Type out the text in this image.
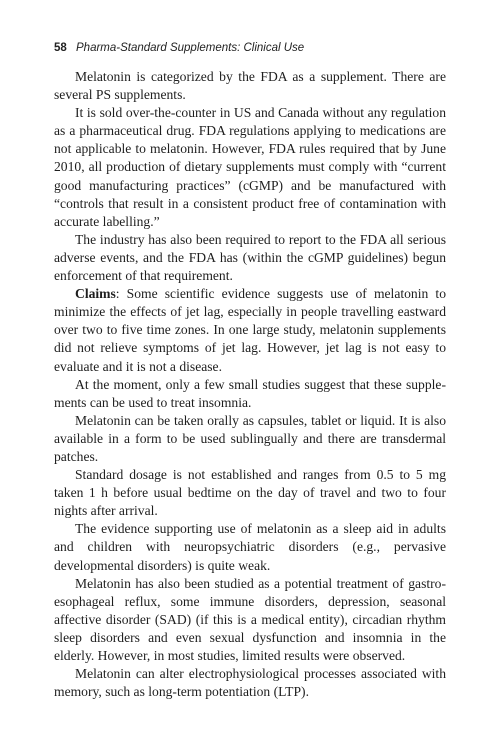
58 Pharma-Standard Supplements: Clinical Use

Melatonin is categorized by the FDA as a supplement. There are several PS supplements.

It is sold over-the-counter in US and Canada without any regulation as a pharmaceutical drug. FDA regulations applying to medications are not applicable to melatonin. However, FDA rules required that by June 2010, all production of dietary supplements must comply with “current good manufacturing practices” (cGMP) and be manufactured with “controls that result in a consistent product free of contamination with accurate labelling.”

The industry has also been required to report to the FDA all serious adverse events, and the FDA has (within the cGMP guidelines) begun enforcement of that requirement.

Claims: Some scientific evidence suggests use of melatonin to minimize the effects of jet lag, especially in people travelling eastward over two to five time zones. In one large study, melatonin supplements did not relieve symptoms of jet lag. However, jet lag is not easy to evaluate and it is not a disease.

At the moment, only a few small studies suggest that these supplements can be used to treat insomnia.

Melatonin can be taken orally as capsules, tablet or liquid. It is also available in a form to be used sublingually and there are transdermal patches.

Standard dosage is not established and ranges from 0.5 to 5 mg taken 1 h before usual bedtime on the day of travel and two to four nights after arrival.

The evidence supporting use of melatonin as a sleep aid in adults and children with neuropsychiatric disorders (e.g., pervasive developmental disorders) is quite weak.

Melatonin has also been studied as a potential treatment of gastroesophageal reflux, some immune disorders, depression, seasonal affective disorder (SAD) (if this is a medical entity), circadian rhythm sleep disorders and even sexual dysfunction and insomnia in the elderly. However, in most studies, limited results were observed.

Melatonin can alter electrophysiological processes associated with memory, such as long-term potentiation (LTP).
